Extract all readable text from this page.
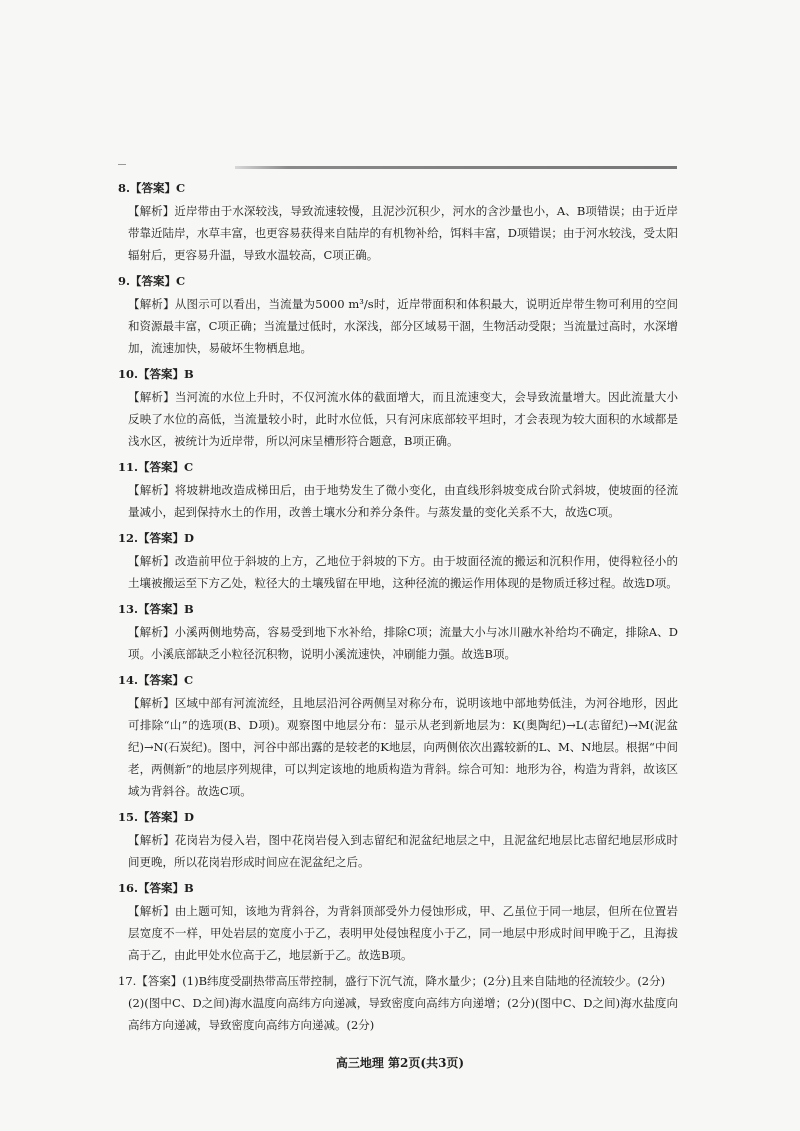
8.【答案】C
【解析】近岸带由于水深较浅，导致流速较慢，且泥沙沉积少，河水的含沙量也小，A、B项错误；由于近岸带靠近陆岸，水草丰富，也更容易获得来自陆岸的有机物补给，饵料丰富，D项错误；由于河水较浅，受太阳辐射后，更容易升温，导致水温较高，C项正确。
9.【答案】C
【解析】从图示可以看出，当流量为5000 m³/s时，近岸带面积和体积最大，说明近岸带生物可利用的空间和资源最丰富，C项正确；当流量过低时，水深浅，部分区域易干涸，生物活动受限；当流量过高时，水深增加，流速加快，易破坏生物栖息地。
10.【答案】B
【解析】当河流的水位上升时，不仅河流水体的截面增大，而且流速变大，会导致流量增大。因此流量大小反映了水位的高低，当流量较小时，此时水位低，只有河床底部较平坦时，才会表现为较大面积的水域都是浅水区，被统计为近岸带，所以河床呈槽形符合题意，B项正确。
11.【答案】C
【解析】将坡耕地改造成梯田后，由于地势发生了微小变化，由直线形斜坡变成台阶式斜坡，使坡面的径流量减小，起到保持水土的作用，改善土壤水分和养分条件。与蒸发量的变化关系不大，故选C项。
12.【答案】D
【解析】改造前甲位于斜坡的上方，乙地位于斜坡的下方。由于坡面径流的搬运和沉积作用，使得粒径小的土壤被搬运至下方乙处，粒径大的土壤残留在甲地，这种径流的搬运作用体现的是物质迁移过程。故选D项。
13.【答案】B
【解析】小溪两侧地势高，容易受到地下水补给，排除C项；流量大小与冰川融水补给均不确定，排除A、D项。小溪底部缺乏小粒径沉积物，说明小溪流速快，冲刷能力强。故选B项。
14.【答案】C
【解析】区域中部有河流流经，且地层沿河谷两侧呈对称分布，说明该地中部地势低洼，为河谷地形，因此可排除“山”的选项(B、D项)。观察图中地层分布：显示从老到新地层为：K(奥陶纪)→L(志留纪)→M(泥盆纪)→N(石炭纪)。图中，河谷中部出露的是较老的K地层，向两侧依次出露较新的L、M、N地层。根据“中间老，两侧新”的地层序列规律，可以判定该地的地质构造为背斜。综合可知：地形为谷，构造为背斜，故该区域为背斜谷。故选C项。
15.【答案】D
【解析】花岗岩为侵入岩，图中花岗岩侵入到志留纪和泥盆纪地层之中，且泥盆纪地层比志留纪地层形成时间更晚，所以花岗岩形成时间应在泥盆纪之后。
16.【答案】B
【解析】由上题可知，该地为背斜谷，为背斜顶部受外力侵蚀形成，甲、乙虽位于同一地层，但所在位置岩层宽度不一样，甲处岩层的宽度小于乙，表明甲处侵蚀程度小于乙，同一地层中形成时间甲晚于乙，且海拔高于乙，由此甲处水位高于乙，地层新于乙。故选B项。
17.【答案】(1)B纬度受副热带高压带控制，盛行下沉气流，降水量少；(2分)且来自陆地的径流较少。(2分)
(2)(图中C、D之间)海水温度向高纬方向递减，导致密度向高纬方向递增；(2分)(图中C、D之间)海水盐度向高纬方向递减，导致密度向高纬方向递减。(2分)
高三地理 第2页(共3页)
